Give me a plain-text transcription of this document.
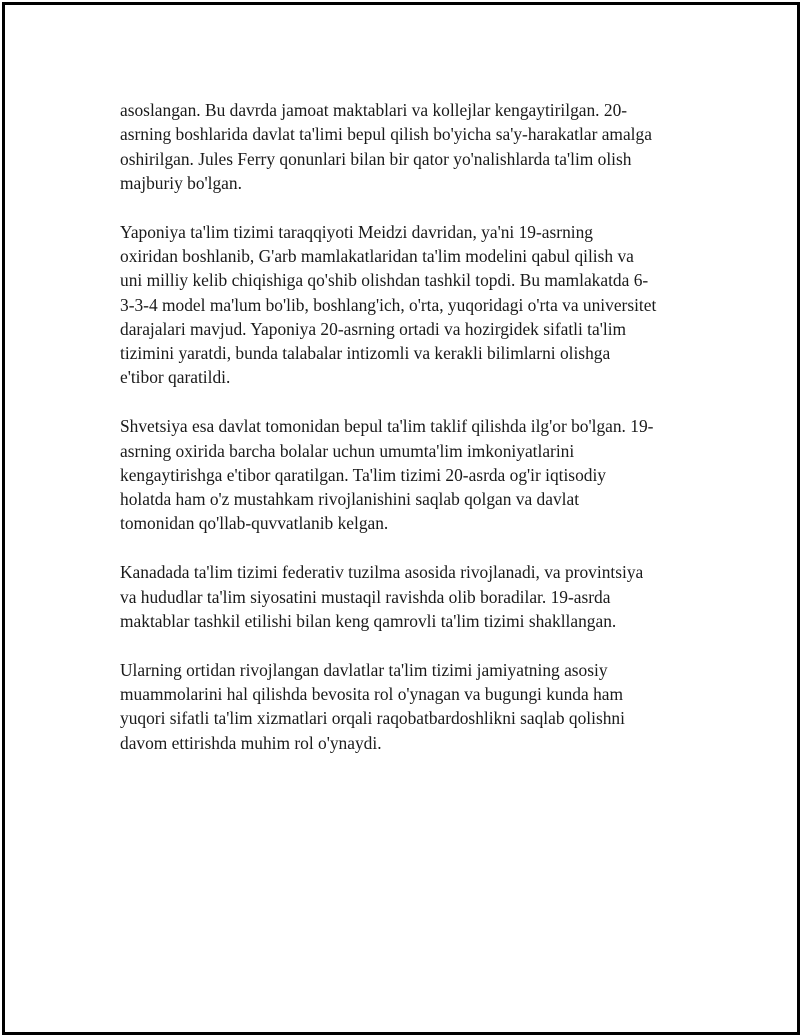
asoslangan. Bu davrda jamoat maktablari va kollejlar kengaytirilgan. 20-
asrning boshlarida davlat ta'limi bepul qilish bo'yicha sa'y-harakatlar amalga
oshirilgan. Jules Ferry qonunlari bilan bir qator yo'nalishlarda ta'lim olish
majburiy bo'lgan.

Yaponiya ta'lim tizimi taraqqiyoti Meidzi davridan, ya'ni 19-asrning
oxiridan boshlanib, G'arb mamlakatlaridan ta'lim modelini qabul qilish va
uni milliy kelib chiqishiga qo'shib olishdan tashkil topdi. Bu mamlakatda 6-
3-3-4 model ma'lum bo'lib, boshlang'ich, o'rta, yuqoridagi o'rta va universitet
darajalari mavjud. Yaponiya 20-asrning ortadi va hozirgidek sifatli ta'lim
tizimini yaratdi, bunda talabalar intizomli va kerakli bilimlarni olishga
e'tibor qaratildi.

Shvetsiya esa davlat tomonidan bepul ta'lim taklif qilishda ilg'or bo'lgan. 19-
asrning oxirida barcha bolalar uchun umumta'lim imkoniyatlarini
kengaytirishga e'tibor qaratilgan. Ta'lim tizimi 20-asrda og'ir iqtisodiy
holatda ham o'z mustahkam rivojlanishini saqlab qolgan va davlat
tomonidan qo'llab-quvvatlanib kelgan.

Kanadada ta'lim tizimi federativ tuzilma asosida rivojlanadi, va provintsiya
va hududlar ta'lim siyosatini mustaqil ravishda olib boradilar. 19-asrda
maktablar tashkil etilishi bilan keng qamrovli ta'lim tizimi shakllangan.

Ularning ortidan rivojlangan davlatlar ta'lim tizimi jamiyatning asosiy
muammolarini hal qilishda bevosita rol o'ynagan va bugungi kunda ham
yuqori sifatli ta'lim xizmatlari orqali raqobatbardoshlikni saqlab qolishni
davom ettirishda muhim rol o'ynaydi.
